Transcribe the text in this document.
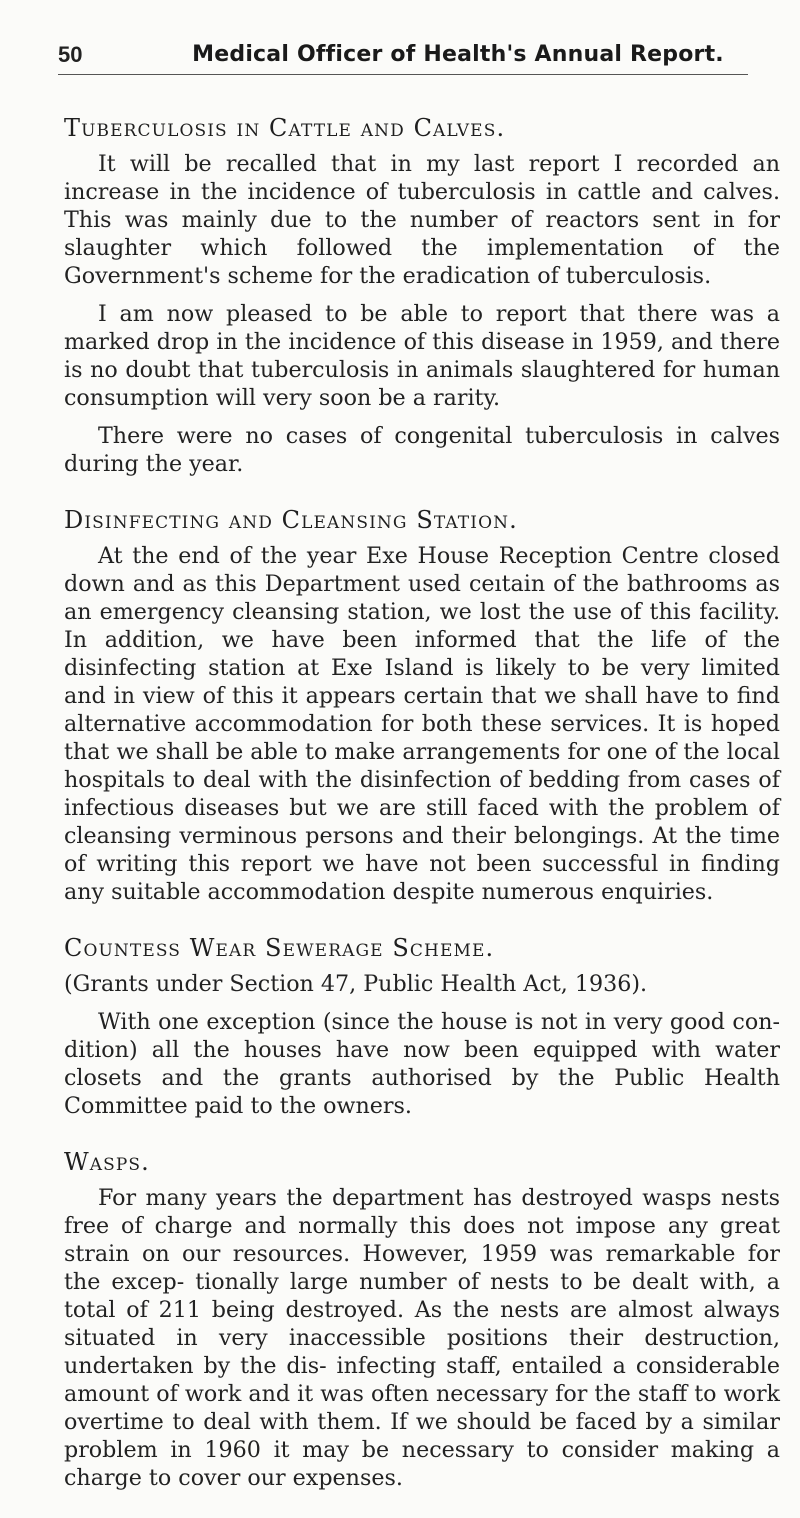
50	Medical Officer of Health's Annual Report.
Tuberculosis in Cattle and Calves.

It will be recalled that in my last report I recorded an increase in the incidence of tuberculosis in cattle and calves. This was mainly due to the number of reactors sent in for slaughter which followed the implementation of the Government's scheme for the eradication of tuberculosis.

I am now pleased to be able to report that there was a marked drop in the incidence of this disease in 1959, and there is no doubt that tuberculosis in animals slaughtered for human consumption will very soon be a rarity.

There were no cases of congenital tuberculosis in calves during the year.

Disinfecting and Cleansing Station.

At the end of the year Exe House Reception Centre closed down and as this Department used ceıtain of the bathrooms as an emergency cleansing station, we lost the use of this facility. In addition, we have been informed that the life of the disinfecting station at Exe Island is likely to be very limited and in view of this it appears certain that we shall have to find alternative accommodation for both these services. It is hoped that we shall be able to make arrangements for one of the local hospitals to deal with the disinfection of bedding from cases of infectious diseases but we are still faced with the problem of cleansing verminous persons and their belongings. At the time of writing this report we have not been successful in finding any suitable accommodation despite numerous enquiries.

Countess Wear Sewerage Scheme.

(Grants under Section 47, Public Health Act, 1936).

With one exception (since the house is not in very good con- dition) all the houses have now been equipped with water closets and the grants authorised by the Public Health Committee paid to the owners.

Wasps.

For many years the department has destroyed wasps nests free of charge and normally this does not impose any great strain on our resources. However, 1959 was remarkable for the excep- tionally large number of nests to be dealt with, a total of 211 being destroyed. As the nests are almost always situated in very inaccessible positions their destruction, undertaken by the dis- infecting staff, entailed a considerable amount of work and it was often necessary for the staff to work overtime to deal with them. If we should be faced by a similar problem in 1960 it may be necessary to consider making a charge to cover our expenses.
